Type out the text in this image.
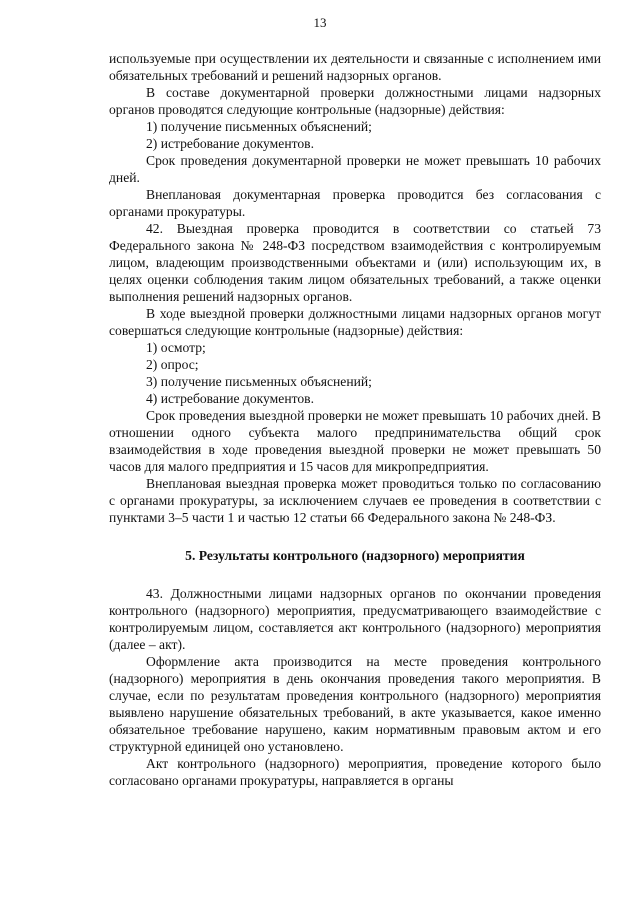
13

используемые при осуществлении их деятельности и связанные с исполнением ими обязательных требований и решений надзорных органов.

В составе документарной проверки должностными лицами надзорных органов проводятся следующие контрольные (надзорные) действия:

1) получение письменных объяснений;

2) истребование документов.

Срок проведения документарной проверки не может превышать 10 рабочих дней.

Внеплановая документарная проверка проводится без согласования с органами прокуратуры.

42. Выездная проверка проводится в соответствии со статьей 73 Федерального закона № 248-ФЗ посредством взаимодействия с контролируемым лицом, владеющим производственными объектами и (или) использующим их, в целях оценки соблюдения таким лицом обязательных требований, а также оценки выполнения решений надзорных органов.

В ходе выездной проверки должностными лицами надзорных органов могут совершаться следующие контрольные (надзорные) действия:

1) осмотр;

2) опрос;

3) получение письменных объяснений;

4) истребование документов.

Срок проведения выездной проверки не может превышать 10 рабочих дней. В отношении одного субъекта малого предпринимательства общий срок взаимодействия в ходе проведения выездной проверки не может превышать 50 часов для малого предприятия и 15 часов для микропредприятия.

Внеплановая выездная проверка может проводиться только по согласованию с органами прокуратуры, за исключением случаев ее проведения в соответствии с пунктами 3–5 части 1 и частью 12 статьи 66 Федерального закона № 248-ФЗ.

5. Результаты контрольного (надзорного) мероприятия

43. Должностными лицами надзорных органов по окончании проведения контрольного (надзорного) мероприятия, предусматривающего взаимодействие с контролируемым лицом, составляется акт контрольного (надзорного) мероприятия (далее – акт).

Оформление акта производится на месте проведения контрольного (надзорного) мероприятия в день окончания проведения такого мероприятия. В случае, если по результатам проведения контрольного (надзорного) мероприятия выявлено нарушение обязательных требований, в акте указывается, какое именно обязательное требование нарушено, каким нормативным правовым актом и его структурной единицей оно установлено.

Акт контрольного (надзорного) мероприятия, проведение которого было согласовано органами прокуратуры, направляется в органы
